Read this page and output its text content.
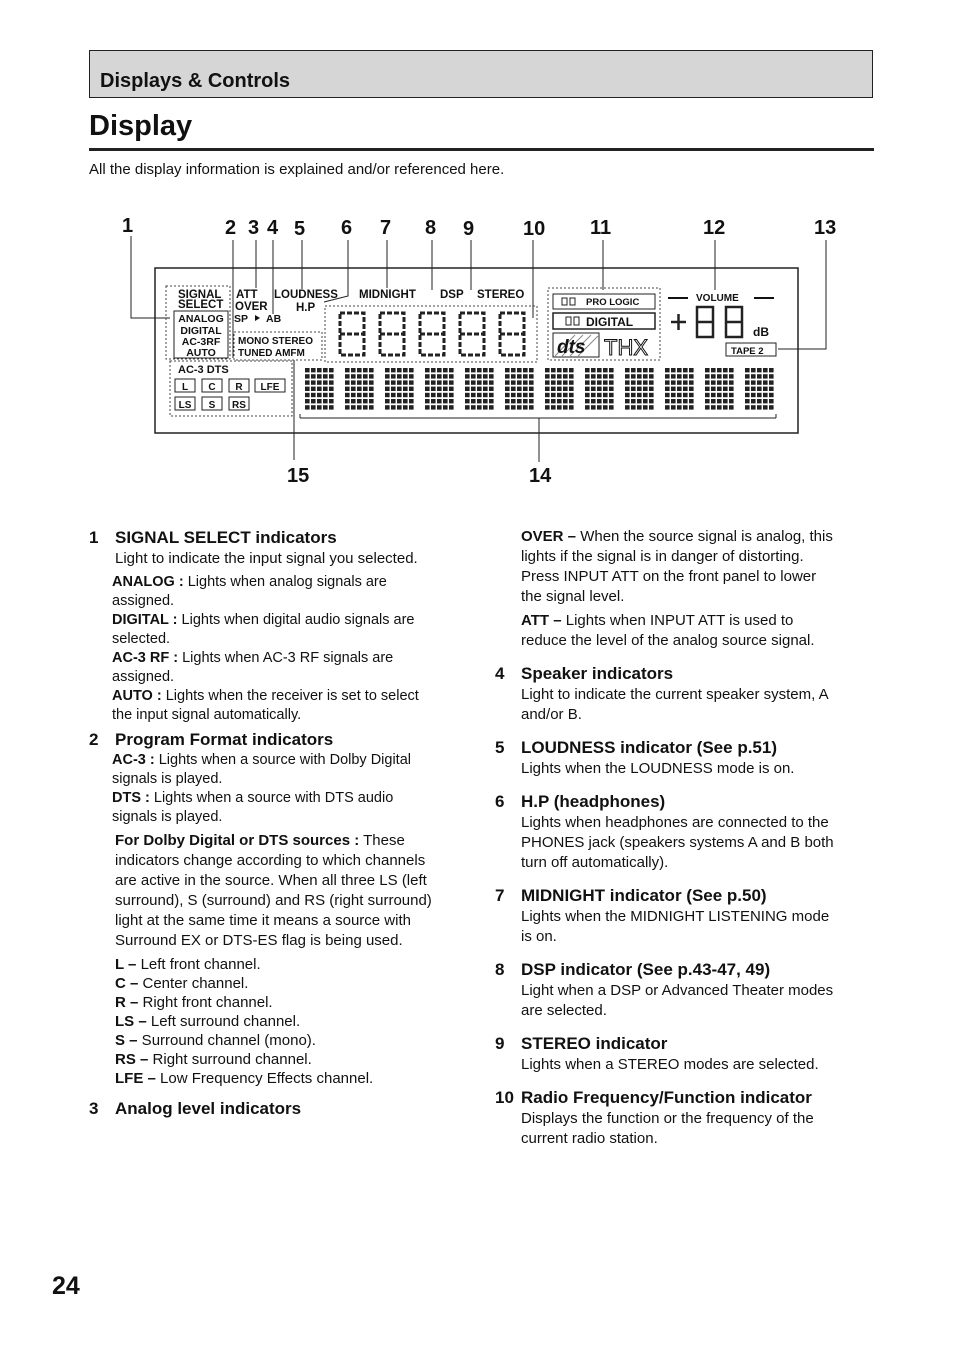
Displays & Controls
Display
All the display information is explained and/or referenced here.
1	2 3 4 5 6 7 8 9 10 11	12	13
14
15
SIGNAL
SELECT
ATT
OVER
LOUDNESS
H.P
MIDNIGHT DSP STEREO
ANALOG
DIGITAL
AC-3RF
AUTO
SP AB
MONO STEREO
TUNED AMFM
AC-3 DTS
L C R LFE
LS S RS
PRO LOGIC
DIGITAL
dts THX
VOLUME
dB
TAPE 2

1 SIGNAL SELECT indicators

Light to indicate the input signal you selected.

ANALOG : Lights when analog signals are
assigned.

DIGITAL : Lights when digital audio signals are
selected.

AC-3 RF : Lights when AC-3 RF signals are
assigned.

AUTO : Lights when the receiver is set to select
the input signal automatically.

2 Program Format indicators

AC-3 : Lights when a source with Dolby Digital
signals is played.

DTS : Lights when a source with DTS audio
signals is played.

For Dolby Digital or DTS sources : These
indicators change according to which channels
are active in the source. When all three LS (left
surround), S (surround) and RS (right surround)
light at the same time it means a source with
Surround EX or DTS-ES flag is being used.

L – Left front channel.

C – Center channel.

R – Right front channel.

LS – Left surround channel.

S – Surround channel (mono).

RS – Right surround channel.

LFE – Low Frequency Effects channel.

3 Analog level indicators

OVER – When the source signal is analog, this
lights if the signal is in danger of distorting.
Press INPUT ATT on the front panel to lower
the signal level.

ATT – Lights when INPUT ATT is used to
reduce the level of the analog source signal.

4 Speaker indicators

Light to indicate the current speaker system, A

and/or B.

5 LOUDNESS indicator (See p.51)

Lights when the LOUDNESS mode is on.

6 H.P (headphones)

Lights when headphones are connected to the

PHONES jack (speakers systems A and B both

turn off automatically).

7 MIDNIGHT indicator (See p.50)

Lights when the MIDNIGHT LISTENING mode

is on.

8 DSP indicator (See p.43-47, 49)

Light when a DSP or Advanced Theater modes

are selected.

9 STEREO indicator

Lights when a STEREO modes are selected.

10 Radio Frequency/Function indicator

Displays the function or the frequency of the

current radio station.

24
